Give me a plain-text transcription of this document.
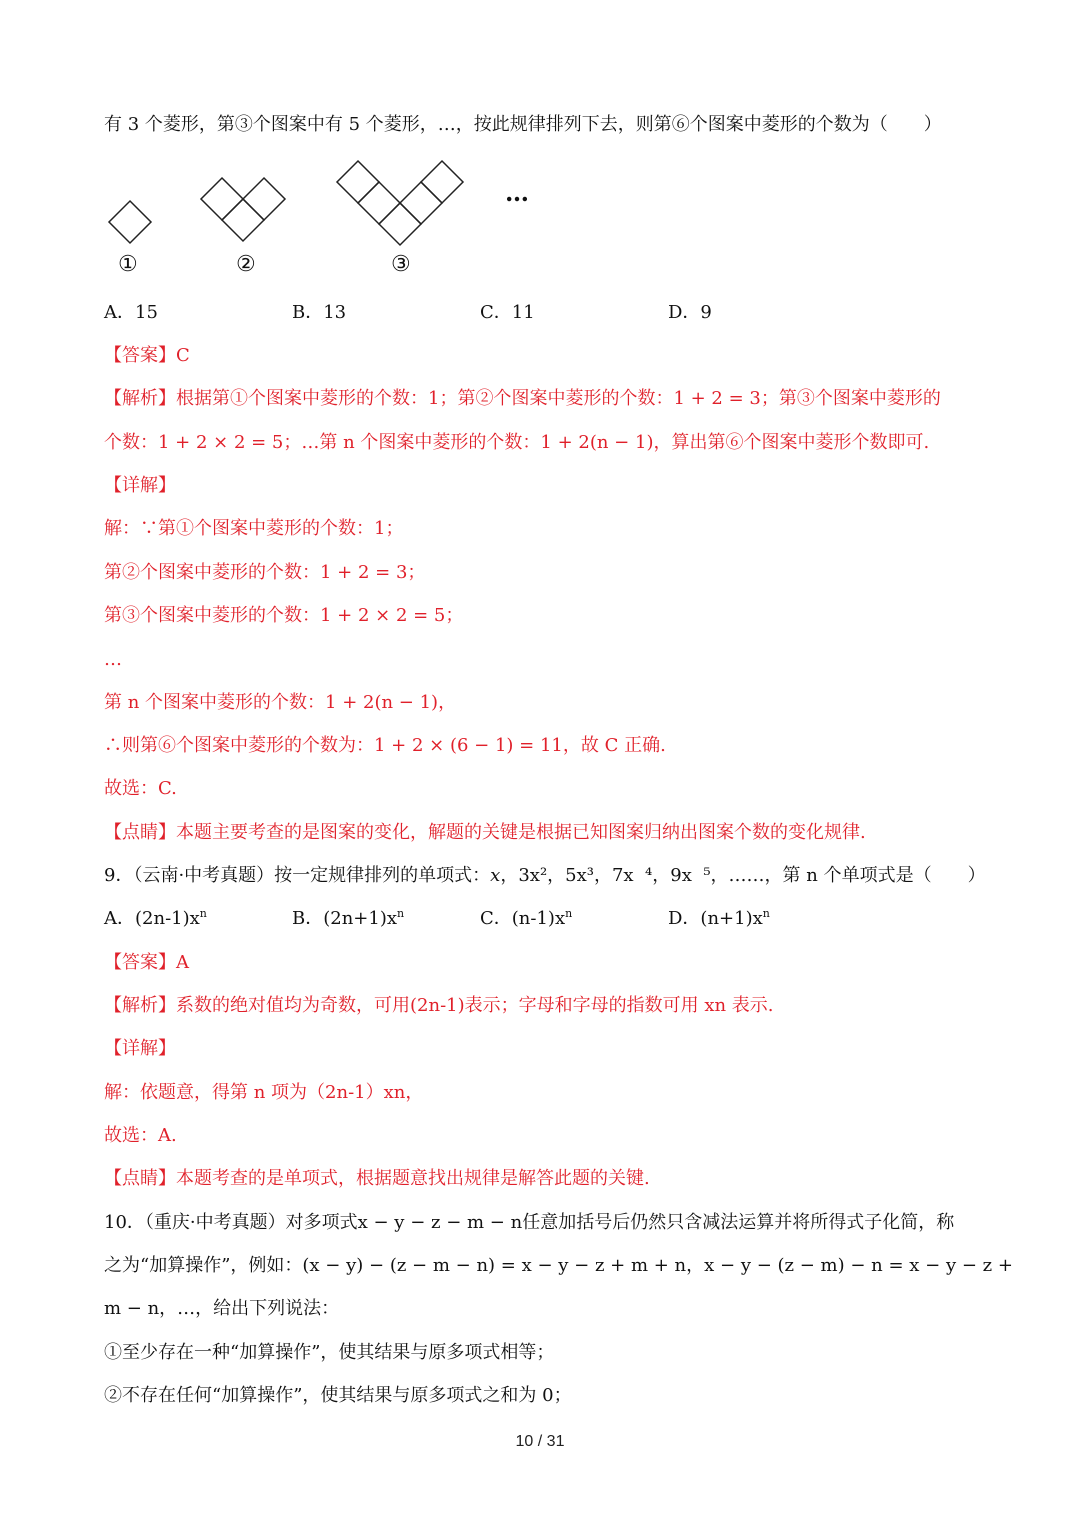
有 3 个菱形，第③个图案中有 5 个菱形，…，按此规律排列下去，则第⑥个图案中菱形的个数为（　　）
…
①	②	③
A．15	B．13	C．11	D．9
【答案】C
【解析】根据第①个图案中菱形的个数：1；第②个图案中菱形的个数：1 + 2 = 3；第③个图案中菱形的
个数：1 + 2 × 2 = 5；…第 n 个图案中菱形的个数：1 + 2(n − 1)，算出第⑥个图案中菱形个数即可.
【详解】
解：∵第①个图案中菱形的个数：1；
第②个图案中菱形的个数：1 + 2 = 3；
第③个图案中菱形的个数：1 + 2 × 2 = 5；
…
第 n 个图案中菱形的个数：1 + 2(n − 1)，
∴则第⑥个图案中菱形的个数为：1 + 2 × (6 − 1) = 11，故 C 正确.
故选：C.
【点睛】本题主要考查的是图案的变化，解题的关键是根据已知图案归纳出图案个数的变化规律.
9．（云南·中考真题）按一定规律排列的单项式：x，3x²，5x³，7x ⁴，9x ⁵，……，第 n 个单项式是（　　）
A．$(2n-1)x^n$	B．$(2n+1)x^n$	C．$(n-1)x^n$	D．$(n+1)x^n$
【答案】A
【解析】系数的绝对值均为奇数，可用(2n-1)表示；字母和字母的指数可用 xn 表示.
【详解】
解：依题意，得第 n 项为（2n-1）xn，
故选：A.
【点睛】本题考查的是单项式，根据题意找出规律是解答此题的关键.
10．（重庆·中考真题）对多项式x − y − z − m − n任意加括号后仍然只含减法运算并将所得式子化简，称
之为“加算操作”，例如：(x − y) − (z − m − n) = x − y − z + m + n，x − y − (z − m) − n = x − y − z +
m − n，…，给出下列说法：
①至少存在一种“加算操作”，使其结果与原多项式相等；
②不存在任何“加算操作”，使其结果与原多项式之和为 0；
10 / 31
